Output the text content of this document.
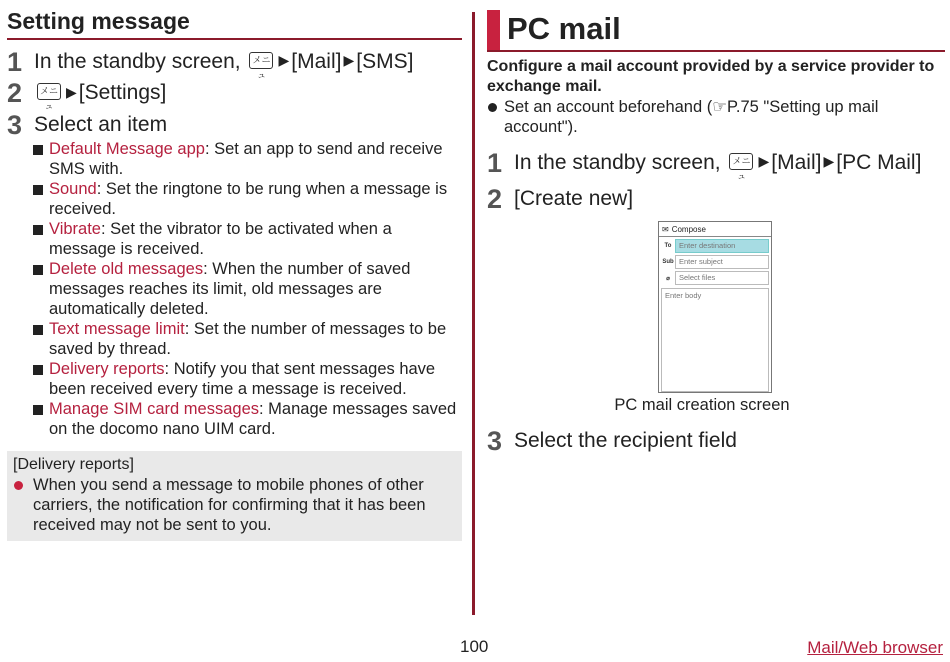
Setting message
1 In the standby screen, メニュ▶[Mail] ▶[SMS]
2	メニュ▶[Settings]
3 Select an item
Default Message app: Set an app to send and receive SMS with.
Sound: Set the ringtone to be rung when a message is received.
Vibrate: Set the vibrator to be activated when a message is received.
Delete old messages: When the number of saved messages reaches its limit, old messages are automatically deleted.
Text message limit: Set the number of messages to be saved by thread.
Delivery reports: Notify you that sent messages have been received every time a message is received.
Manage SIM card messages: Manage messages saved on the docomo nano UIM card.
[Delivery reports]
When you send a message to mobile phones of other carriers, the notification for confirming that it has been received may not be sent to you.
PC mail
Configure a mail account provided by a service provider to exchange mail.
Set an account beforehand (☞P.75 "Setting up mail account").
1 In the standby screen, メニュ▶[Mail] ▶[PC Mail]
2 [Create new]
✉ Compose
To	Enter destination
Sub Enter subject
⌀	Select files
Enter body
PC mail creation screen
3 Select the recipient field
100	Mail/Web browser
